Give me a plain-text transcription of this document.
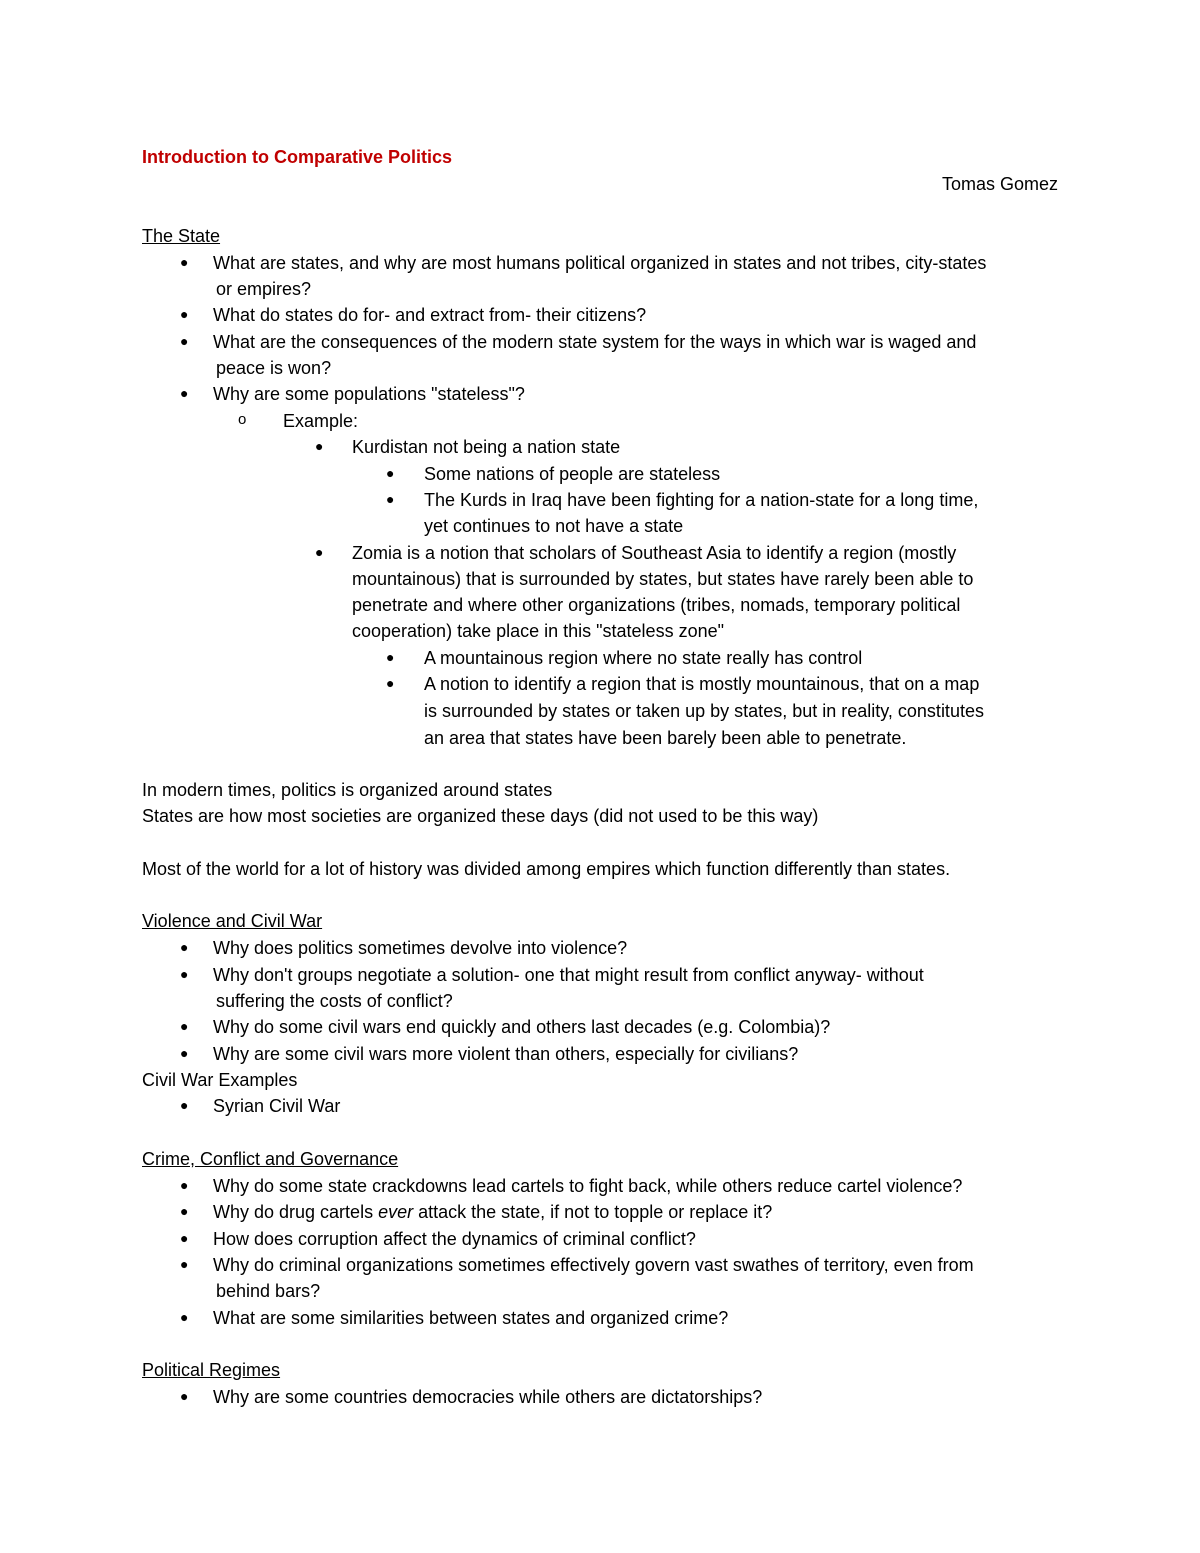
Introduction to Comparative Politics
Tomas Gomez
The State
● What are states, and why are most humans political organized in states and not tribes, city-states
or empires?
● What do states do for- and extract from- their citizens?
● What are the consequences of the modern state system for the ways in which war is waged and
peace is won?
● Why are some populations "stateless"?
o Example:
● Kurdistan not being a nation state
● Some nations of people are stateless
● The Kurds in Iraq have been fighting for a nation-state for a long time,
yet continues to not have a state
● Zomia is a notion that scholars of Southeast Asia to identify a region (mostly
mountainous) that is surrounded by states, but states have rarely been able to
penetrate and where other organizations (tribes, nomads, temporary political
cooperation) take place in this "stateless zone"
● A mountainous region where no state really has control
● A notion to identify a region that is mostly mountainous, that on a map
is surrounded by states or taken up by states, but in reality, constitutes
an area that states have been barely been able to penetrate.
In modern times, politics is organized around states
States are how most societies are organized these days (did not used to be this way)
Most of the world for a lot of history was divided among empires which function differently than states.
Violence and Civil War
● Why does politics sometimes devolve into violence?
● Why don't groups negotiate a solution- one that might result from conflict anyway- without
suffering the costs of conflict?
● Why do some civil wars end quickly and others last decades (e.g. Colombia)?
● Why are some civil wars more violent than others, especially for civilians?
Civil War Examples
● Syrian Civil War
Crime, Conflict and Governance
● Why do some state crackdowns lead cartels to fight back, while others reduce cartel violence?
● Why do drug cartels ever attack the state, if not to topple or replace it?
● How does corruption affect the dynamics of criminal conflict?
● Why do criminal organizations sometimes effectively govern vast swathes of territory, even from
behind bars?
● What are some similarities between states and organized crime?
Political Regimes
● Why are some countries democracies while others are dictatorships?
